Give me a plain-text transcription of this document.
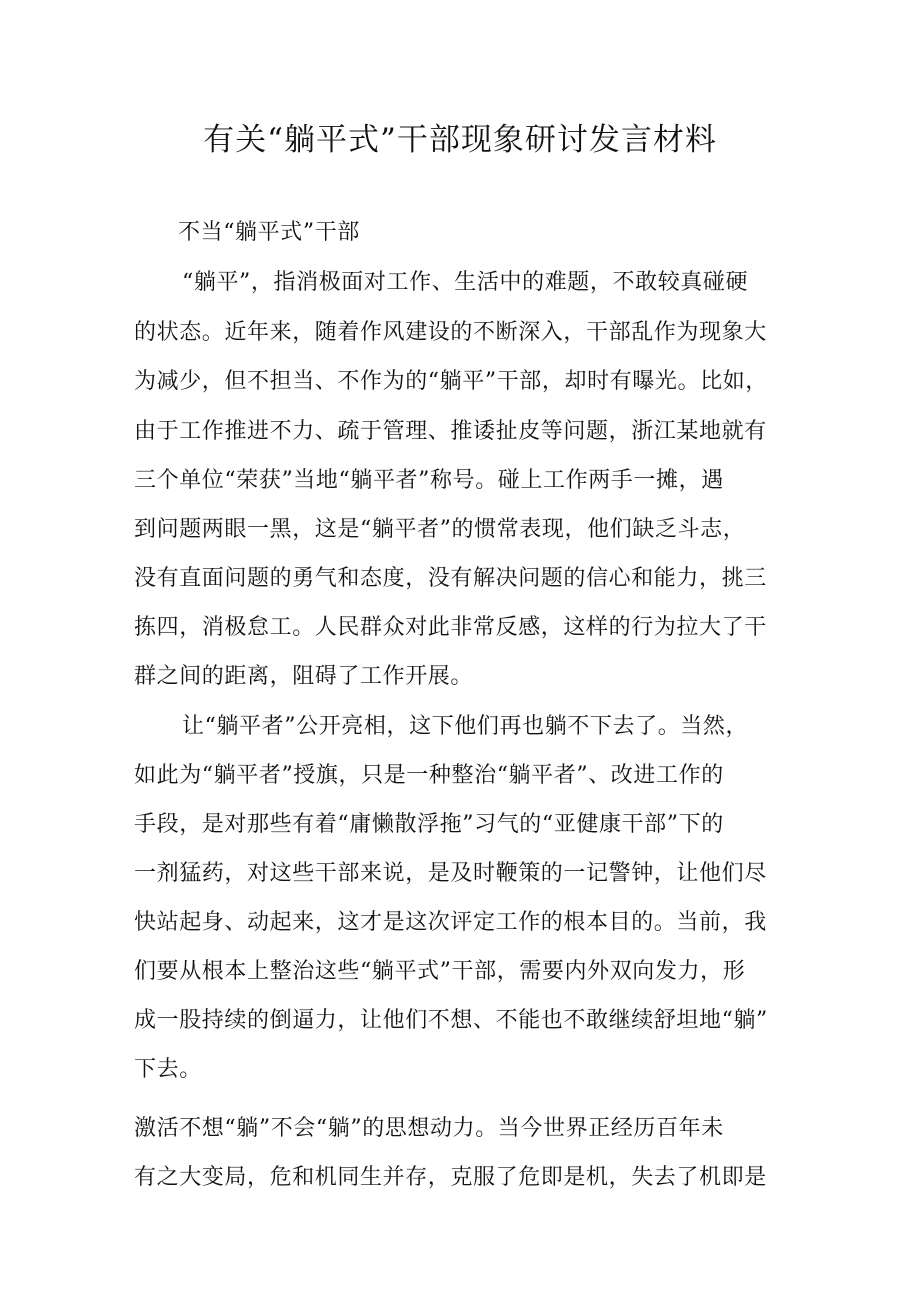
有关“躺平式”干部现象研讨发言材料
不当“躺平式”干部
“躺平”，指消极面对工作、生活中的难题，不敢较真碰硬
的状态。近年来，随着作风建设的不断深入，干部乱作为现象大
为减少，但不担当、不作为的“躺平”干部，却时有曝光。比如，
由于工作推进不力、疏于管理、推诿扯皮等问题，浙江某地就有
三个单位“荣获”当地“躺平者”称号。碰上工作两手一摊，遇
到问题两眼一黑，这是“躺平者”的惯常表现，他们缺乏斗志，
没有直面问题的勇气和态度，没有解决问题的信心和能力，挑三
拣四，消极怠工。人民群众对此非常反感，这样的行为拉大了干
群之间的距离，阻碍了工作开展。
让“躺平者”公开亮相，这下他们再也躺不下去了。当然，
如此为“躺平者”授旗，只是一种整治“躺平者”、改进工作的
手段，是对那些有着“庸懒散浮拖”习气的“亚健康干部”下的
一剂猛药，对这些干部来说，是及时鞭策的一记警钟，让他们尽
快站起身、动起来，这才是这次评定工作的根本目的。当前，我
们要从根本上整治这些“躺平式”干部，需要内外双向发力，形
成一股持续的倒逼力，让他们不想、不能也不敢继续舒坦地“躺”
下去。
激活不想“躺”不会“躺”的思想动力。当今世界正经历百年未
有之大变局，危和机同生并存，克服了危即是机，失去了机即是
